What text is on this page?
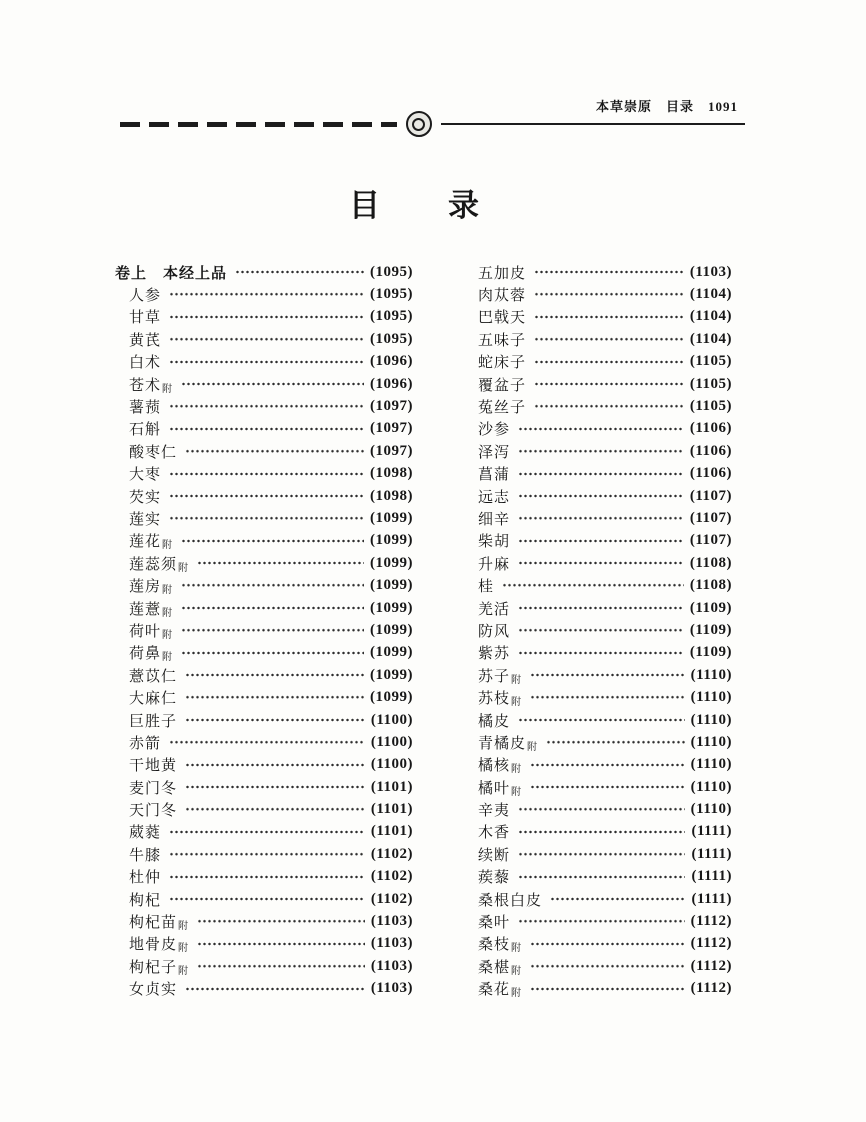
本草崇原 目录 1091
目　　录
卷上　本经上品	(1095)
人参	(1095)
甘草	(1095)
黄芪	(1095)
白术	(1096)
苍术附	(1096)
薯蓣	(1097)
石斛	(1097)
酸枣仁	(1097)
大枣	(1098)
芡实	(1098)
莲实	(1099)
莲花附	(1099)
莲蕊须附	(1099)
莲房附	(1099)
莲薏附	(1099)
荷叶附	(1099)
荷鼻附	(1099)
薏苡仁	(1099)
大麻仁	(1099)
巨胜子	(1100)
赤箭	(1100)
干地黄	(1100)
麦门冬	(1101)
天门冬	(1101)
葳蕤	(1101)
牛膝	(1102)
杜仲	(1102)
枸杞	(1102)
枸杞苗附	(1103)
地骨皮附	(1103)
枸杞子附	(1103)
女贞实	(1103)
五加皮	(1103)
肉苁蓉	(1104)
巴戟天	(1104)
五味子	(1104)
蛇床子	(1105)
覆盆子	(1105)
菟丝子	(1105)
沙参	(1106)
泽泻	(1106)
菖蒲	(1106)
远志	(1107)
细辛	(1107)
柴胡	(1107)
升麻	(1108)
桂	(1108)
羌活	(1109)
防风	(1109)
紫苏	(1109)
苏子附	(1110)
苏枝附	(1110)
橘皮	(1110)
青橘皮附	(1110)
橘核附	(1110)
橘叶附	(1110)
辛夷	(1110)
木香	(1111)
续断	(1111)
蒺藜	(1111)
桑根白皮	(1111)
桑叶	(1112)
桑枝附	(1112)
桑椹附	(1112)
桑花附	(1112)
